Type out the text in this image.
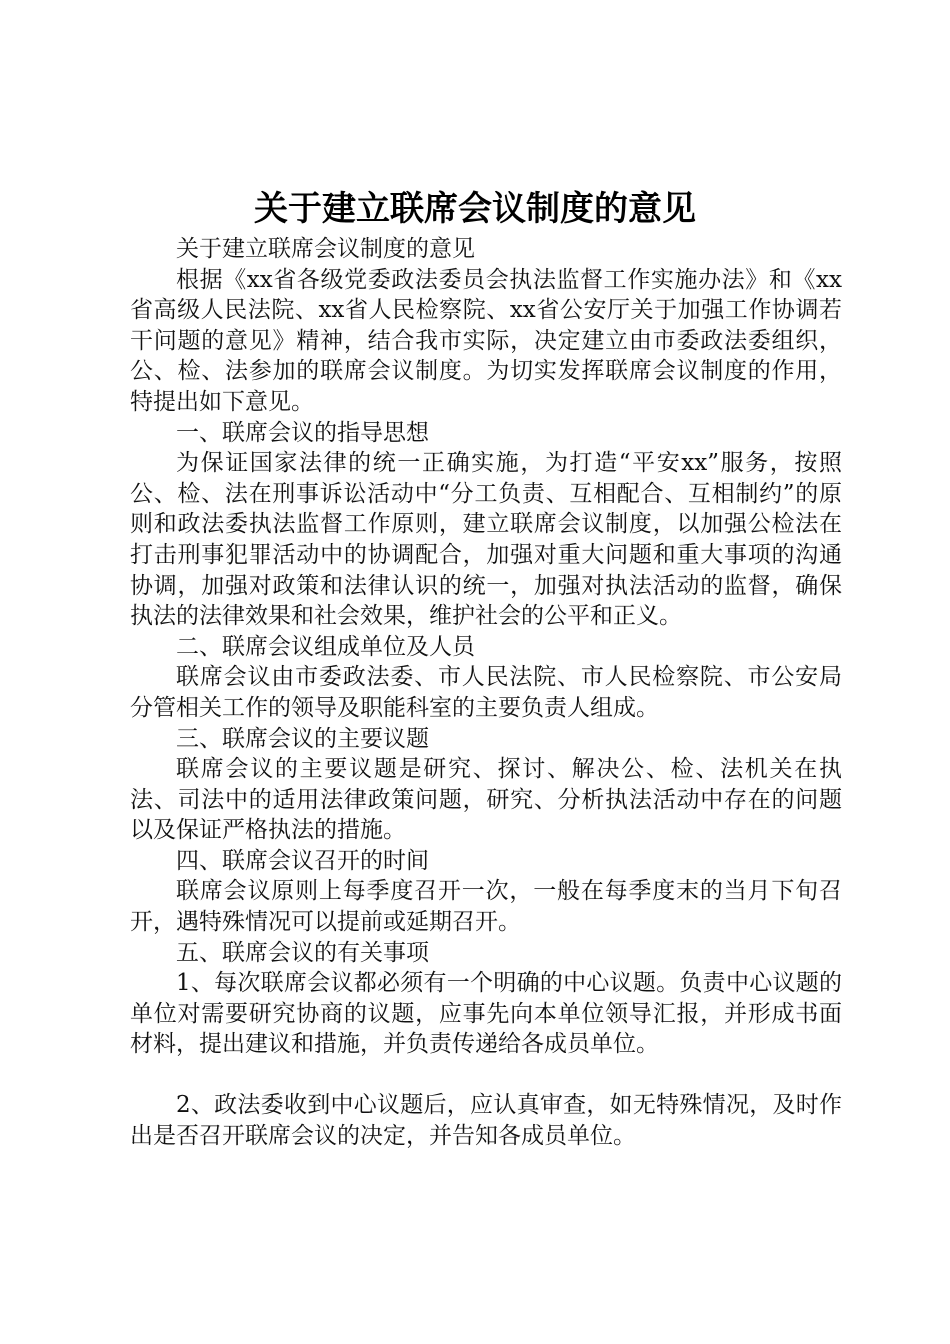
关于建立联席会议制度的意见

关于建立联席会议制度的意见

根据《xx省各级党委政法委员会执法监督工作实施办法》和《xx省高级人民法院、xx省人民检察院、xx省公安厅关于加强工作协调若干问题的意见》精神，结合我市实际，决定建立由市委政法委组织，公、检、法参加的联席会议制度。为切实发挥联席会议制度的作用，特提出如下意见。

一、联席会议的指导思想

为保证国家法律的统一正确实施，为打造“平安xx”服务，按照公、检、法在刑事诉讼活动中“分工负责、互相配合、互相制约”的原则和政法委执法监督工作原则，建立联席会议制度，以加强公检法在打击刑事犯罪活动中的协调配合，加强对重大问题和重大事项的沟通协调，加强对政策和法律认识的统一，加强对执法活动的监督，确保执法的法律效果和社会效果，维护社会的公平和正义。

二、联席会议组成单位及人员

联席会议由市委政法委、市人民法院、市人民检察院、市公安局分管相关工作的领导及职能科室的主要负责人组成。

三、联席会议的主要议题

联席会议的主要议题是研究、探讨、解决公、检、法机关在执法、司法中的适用法律政策问题，研究、分析执法活动中存在的问题以及保证严格执法的措施。

四、联席会议召开的时间

联席会议原则上每季度召开一次，一般在每季度末的当月下旬召开，遇特殊情况可以提前或延期召开。

五、联席会议的有关事项

1、每次联席会议都必须有一个明确的中心议题。负责中心议题的单位对需要研究协商的议题，应事先向本单位领导汇报，并形成书面材料，提出建议和措施，并负责传递给各成员单位。

2、政法委收到中心议题后，应认真审查，如无特殊情况，及时作出是否召开联席会议的决定，并告知各成员单位。
